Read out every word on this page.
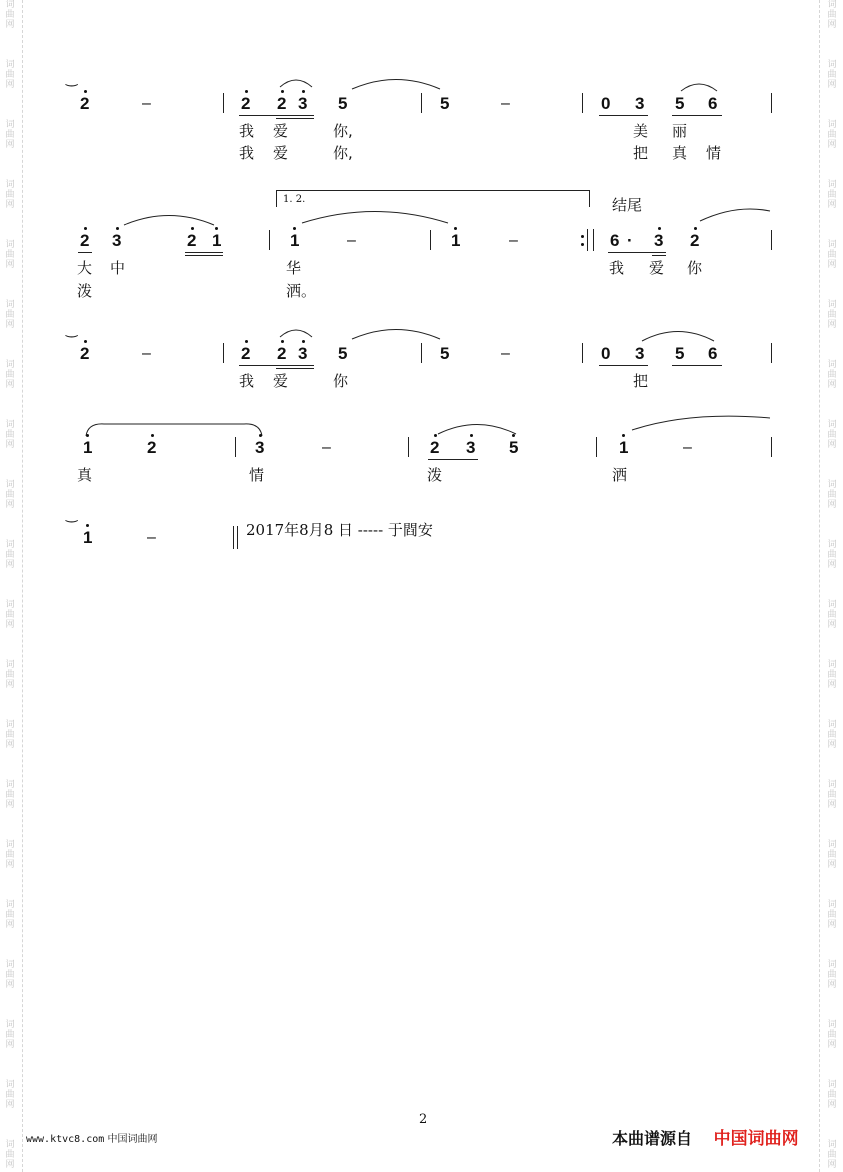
词
曲
网
词
曲
网
词
曲
网
词
曲
网
词
曲
网
词
曲
网
词
曲
网
词
曲
网
词
曲
网
词
曲
网
词
曲
网
词
曲
网
词
曲
网
词
曲
网
词
曲
网
词
曲
网
词
曲
网
词
曲
网
词
曲
网
词
曲
网
词
曲
网
词
曲
网
词
曲
网
词
曲
网
词
曲
网
词
曲
网
词
曲
网
词
曲
网
词
曲
网
词
曲
网
词
曲
网
词
曲
网
词
曲
网
词
曲
网
词
曲
网
词
曲
网
词
曲
网
词
曲
网
词
曲
网
词
曲
网
‿
2	–	2 2 3 5	5	–	0 3 5 6
我 爱	你,	美 丽
我 爱	你,	把 真 情
1. 2.	结尾
2 3	2 1	1	–	1	–	6 · 3 2
大 中	华	我 爱 你
泼	洒。
‿
2	–	2 2 3 5	5	–	0 3 5 6
我 爱	你	把
1	2	3	–	2 3 5	1	–
真	情	泼	洒
‿
1	–	2017年8月8 日 ----- 于閰安
2
www.ktvc8.com 中国词曲网	本曲谱源自 中国词曲网
